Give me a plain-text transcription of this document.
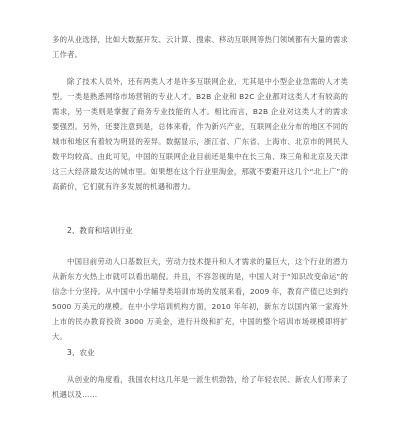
多的从业选择，比如大数据开发、云计算、搜索、移动互联网等热门领域都有大量的需求工作者。

除了技术人员外，还有两类人才是许多互联网企业，尤其是中小型企业急需的人才类型。一类是熟悉网络市场营销的专业人才。B2B 企业和 B2C 企业都对这类人才有较高的需求，另一类则是掌握了商务专业技能的人才。相比而言，B2B 企业对这类人才的需求要强烈。另外，还要注意到是，总体来看，作为新兴产业，互联网企业分布的地区不同的城市和地区有着较为明显的差异。数据显示，浙江省、广东省、上海市、北京市的网民人数平均较高。由此可见，中国的互联网企业目前还是集中在长三角、珠三角和北京及天津这三大经济最发达的城市里。如果想在这个行业里淘金，那就不要避开这几个“北上广”的高薪价，它们就有许多发展的机遇和潜力。

2、教育和培训行业

中国目前劳动人口基数巨大，劳动力技术提升和人才需求的量巨大，这个行业的潜力从新东方火热上市就可以看出端倪。并且，不容忽视的是，中国人对于“知识改变命运”的信念十分坚持。从中国中小学辅导类培训市场的发展来看，2009 年，教育产值已达到约 5000 万美元的规模。在中小学培训机构方面，2010 年年初，新东方以国内第一家海外上市的民办教育投资 3000 万美金，进行升级和扩充，中国的整个培训市场规模即将扩大。

3、农业

从创业的角度看，我国农村这几年是一派生机勃勃，给了年轻农民、新农人们带来了机遇以及……
